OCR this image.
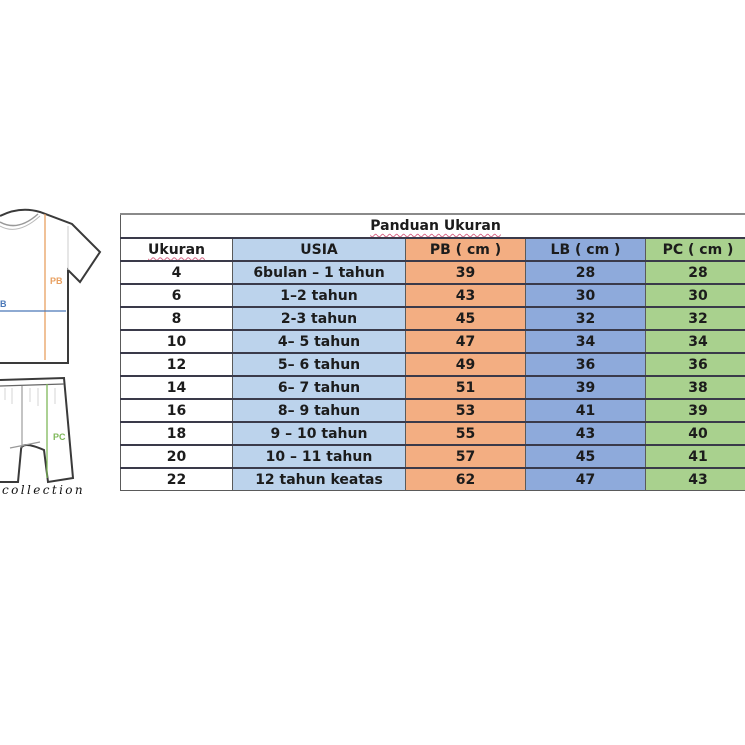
PB
B
PC
collection
Panduan Ukuran				
Ukuran	USIA	PB ( cm )	LB ( cm )	PC ( cm )
4	6bulan – 1 tahun	39	28	28
6	1–2 tahun	43	30	30
8	2-3 tahun	45	32	32
10	4– 5 tahun	47	34	34
12	5– 6 tahun	49	36	36
14	6– 7 tahun	51	39	38
16	8– 9 tahun	53	41	39
18	9 – 10 tahun	55	43	40
20	10 – 11 tahun	57	45	41
22	12 tahun keatas	62	47	43
